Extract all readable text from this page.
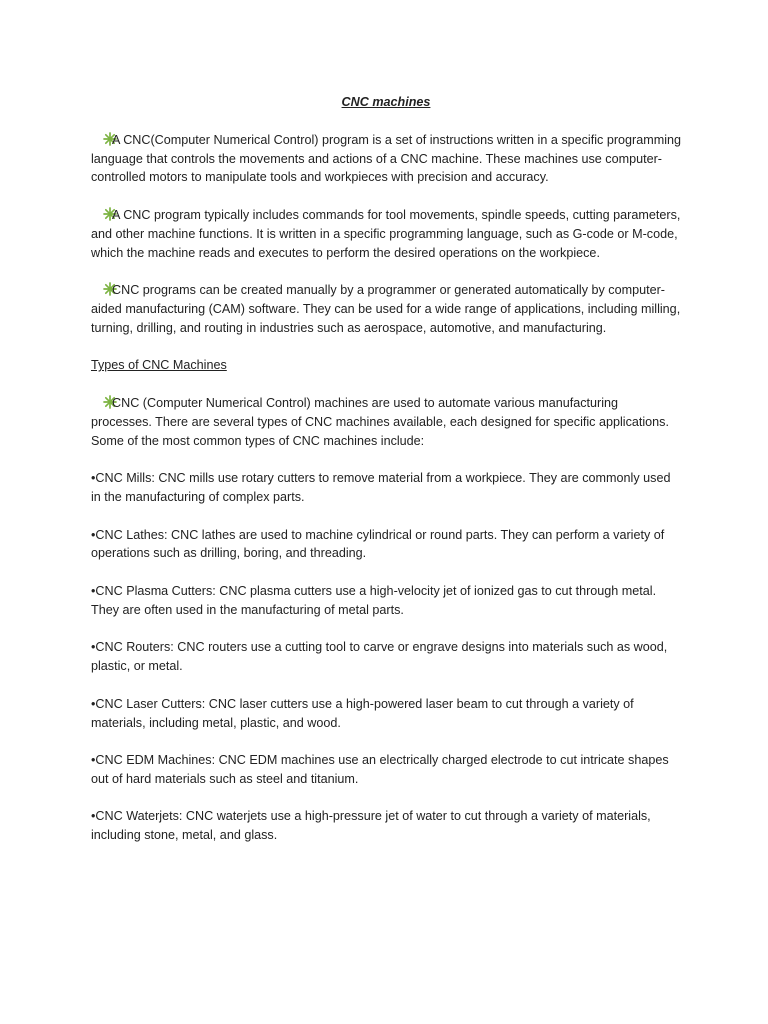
CNC machines

A CNC(Computer Numerical Control) program is a set of instructions written in a specific programming language that controls the movements and actions of a CNC machine. These machines use computer-controlled motors to manipulate tools and workpieces with precision and accuracy.

A CNC program typically includes commands for tool movements, spindle speeds, cutting parameters, and other machine functions. It is written in a specific programming language, such as G-code or M-code, which the machine reads and executes to perform the desired operations on the workpiece.

CNC programs can be created manually by a programmer or generated automatically by computer-aided manufacturing (CAM) software. They can be used for a wide range of applications, including milling, turning, drilling, and routing in industries such as aerospace, automotive, and manufacturing.

Types of CNC Machines

CNC (Computer Numerical Control) machines are used to automate various manufacturing processes. There are several types of CNC machines available, each designed for specific applications. Some of the most common types of CNC machines include:

•CNC Mills: CNC mills use rotary cutters to remove material from a workpiece. They are commonly used in the manufacturing of complex parts.

•CNC Lathes: CNC lathes are used to machine cylindrical or round parts. They can perform a variety of operations such as drilling, boring, and threading.

•CNC Plasma Cutters: CNC plasma cutters use a high-velocity jet of ionized gas to cut through metal. They are often used in the manufacturing of metal parts.

•CNC Routers: CNC routers use a cutting tool to carve or engrave designs into materials such as wood, plastic, or metal.

•CNC Laser Cutters: CNC laser cutters use a high-powered laser beam to cut through a variety of materials, including metal, plastic, and wood.

•CNC EDM Machines: CNC EDM machines use an electrically charged electrode to cut intricate shapes out of hard materials such as steel and titanium.

•CNC Waterjets: CNC waterjets use a high-pressure jet of water to cut through a variety of materials, including stone, metal, and glass.
